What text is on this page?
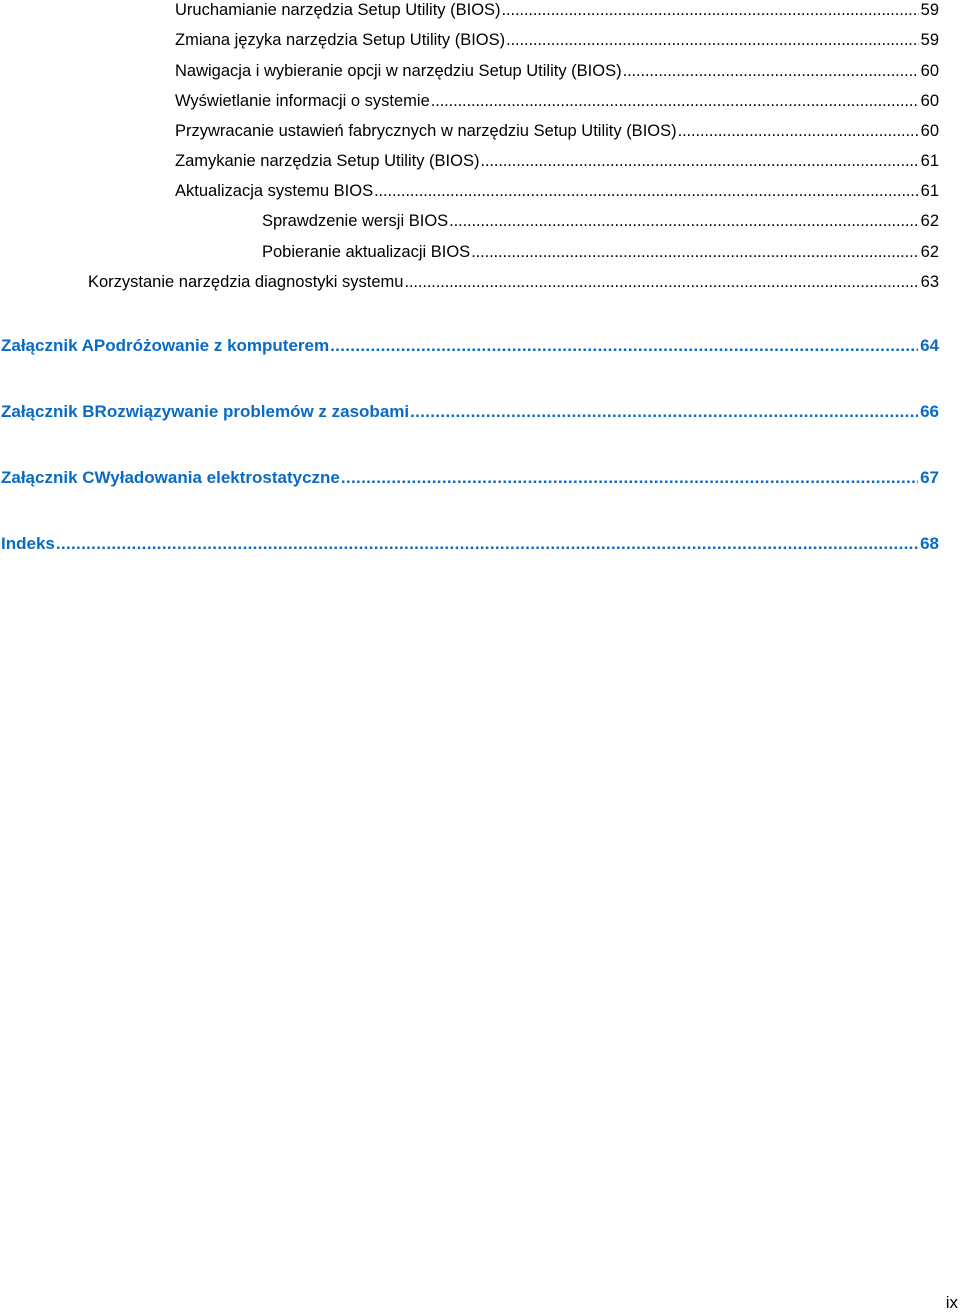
Uruchamianie narzędzia Setup Utility (BIOS) . . .	59
Zmiana języka narzędzia Setup Utility (BIOS) . . .	59
Nawigacja i wybieranie opcji w narzędziu Setup Utility (BIOS) . . .	60
Wyświetlanie informacji o systemie . . .	60
Przywracanie ustawień fabrycznych w narzędziu Setup Utility (BIOS) . . .	60
Zamykanie narzędzia Setup Utility (BIOS) . . .	61
Aktualizacja systemu BIOS . . .	61
Sprawdzenie wersji BIOS . . .	62
Pobieranie aktualizacji BIOS . . .	62
Korzystanie narzędzia diagnostyki systemu . . .	63
Załącznik A Podróżowanie z komputerem . . .	64
Załącznik B Rozwiązywanie problemów z zasobami . . .	66
Załącznik C Wyładowania elektrostatyczne . . .	67
Indeks . . .	68
ix
